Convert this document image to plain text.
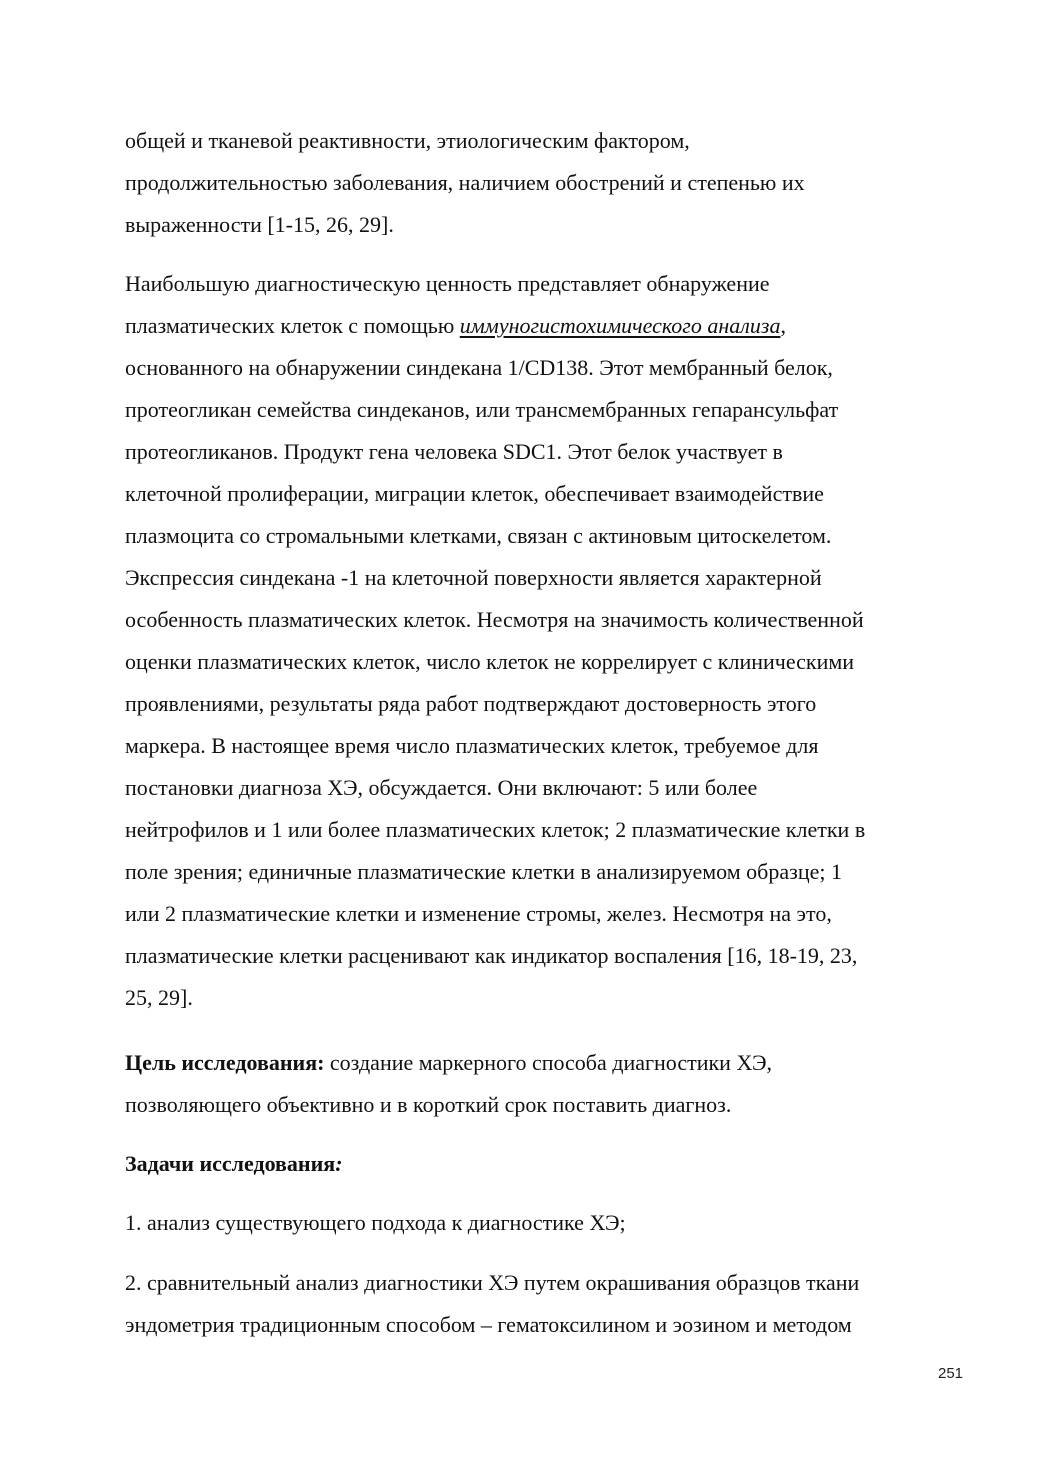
общей и тканевой реактивности, этиологическим фактором,
продолжительностью заболевания, наличием обострений и степенью их
выраженности [1-15, 26, 29].
Наибольшую диагностическую ценность представляет обнаружение
плазматических клеток с помощью иммуногистохимического анализа,
основанного на обнаружении синдекана 1/CD138. Этот мембранный белок,
протеогликан семейства синдеканов, или трансмембранных гепарансульфат
протеогликанов. Продукт гена человека SDC1. Этот белок участвует в
клеточной пролиферации, миграции клеток, обеспечивает взаимодействие
плазмоцита со стромальными клетками, связан с актиновым цитоскелетом.
Экспрессия синдекана -1 на клеточной поверхности является характерной
особенность плазматических клеток. Несмотря на значимость количественной
оценки плазматических клеток, число клеток не коррелирует с клиническими
проявлениями, результаты ряда работ подтверждают достоверность этого
маркера. В настоящее время число плазматических клеток, требуемое для
постановки диагноза ХЭ, обсуждается. Они включают: 5 или более
нейтрофилов и 1 или более плазматических клеток; 2 плазматические клетки в
поле зрения; единичные плазматические клетки в анализируемом образце; 1
или 2 плазматические клетки и изменение стромы, желез. Несмотря на это,
плазматические клетки расценивают как индикатор воспаления [16, 18-19, 23,
25, 29].
Цель исследования: создание маркерного способа диагностики ХЭ,
позволяющего объективно и в короткий срок поставить диагноз.
Задачи исследования:
1. анализ существующего подхода к диагностике ХЭ;
2. сравнительный анализ диагностики ХЭ путем окрашивания образцов ткани
эндометрия традиционным способом – гематоксилином и эозином и методом
251
